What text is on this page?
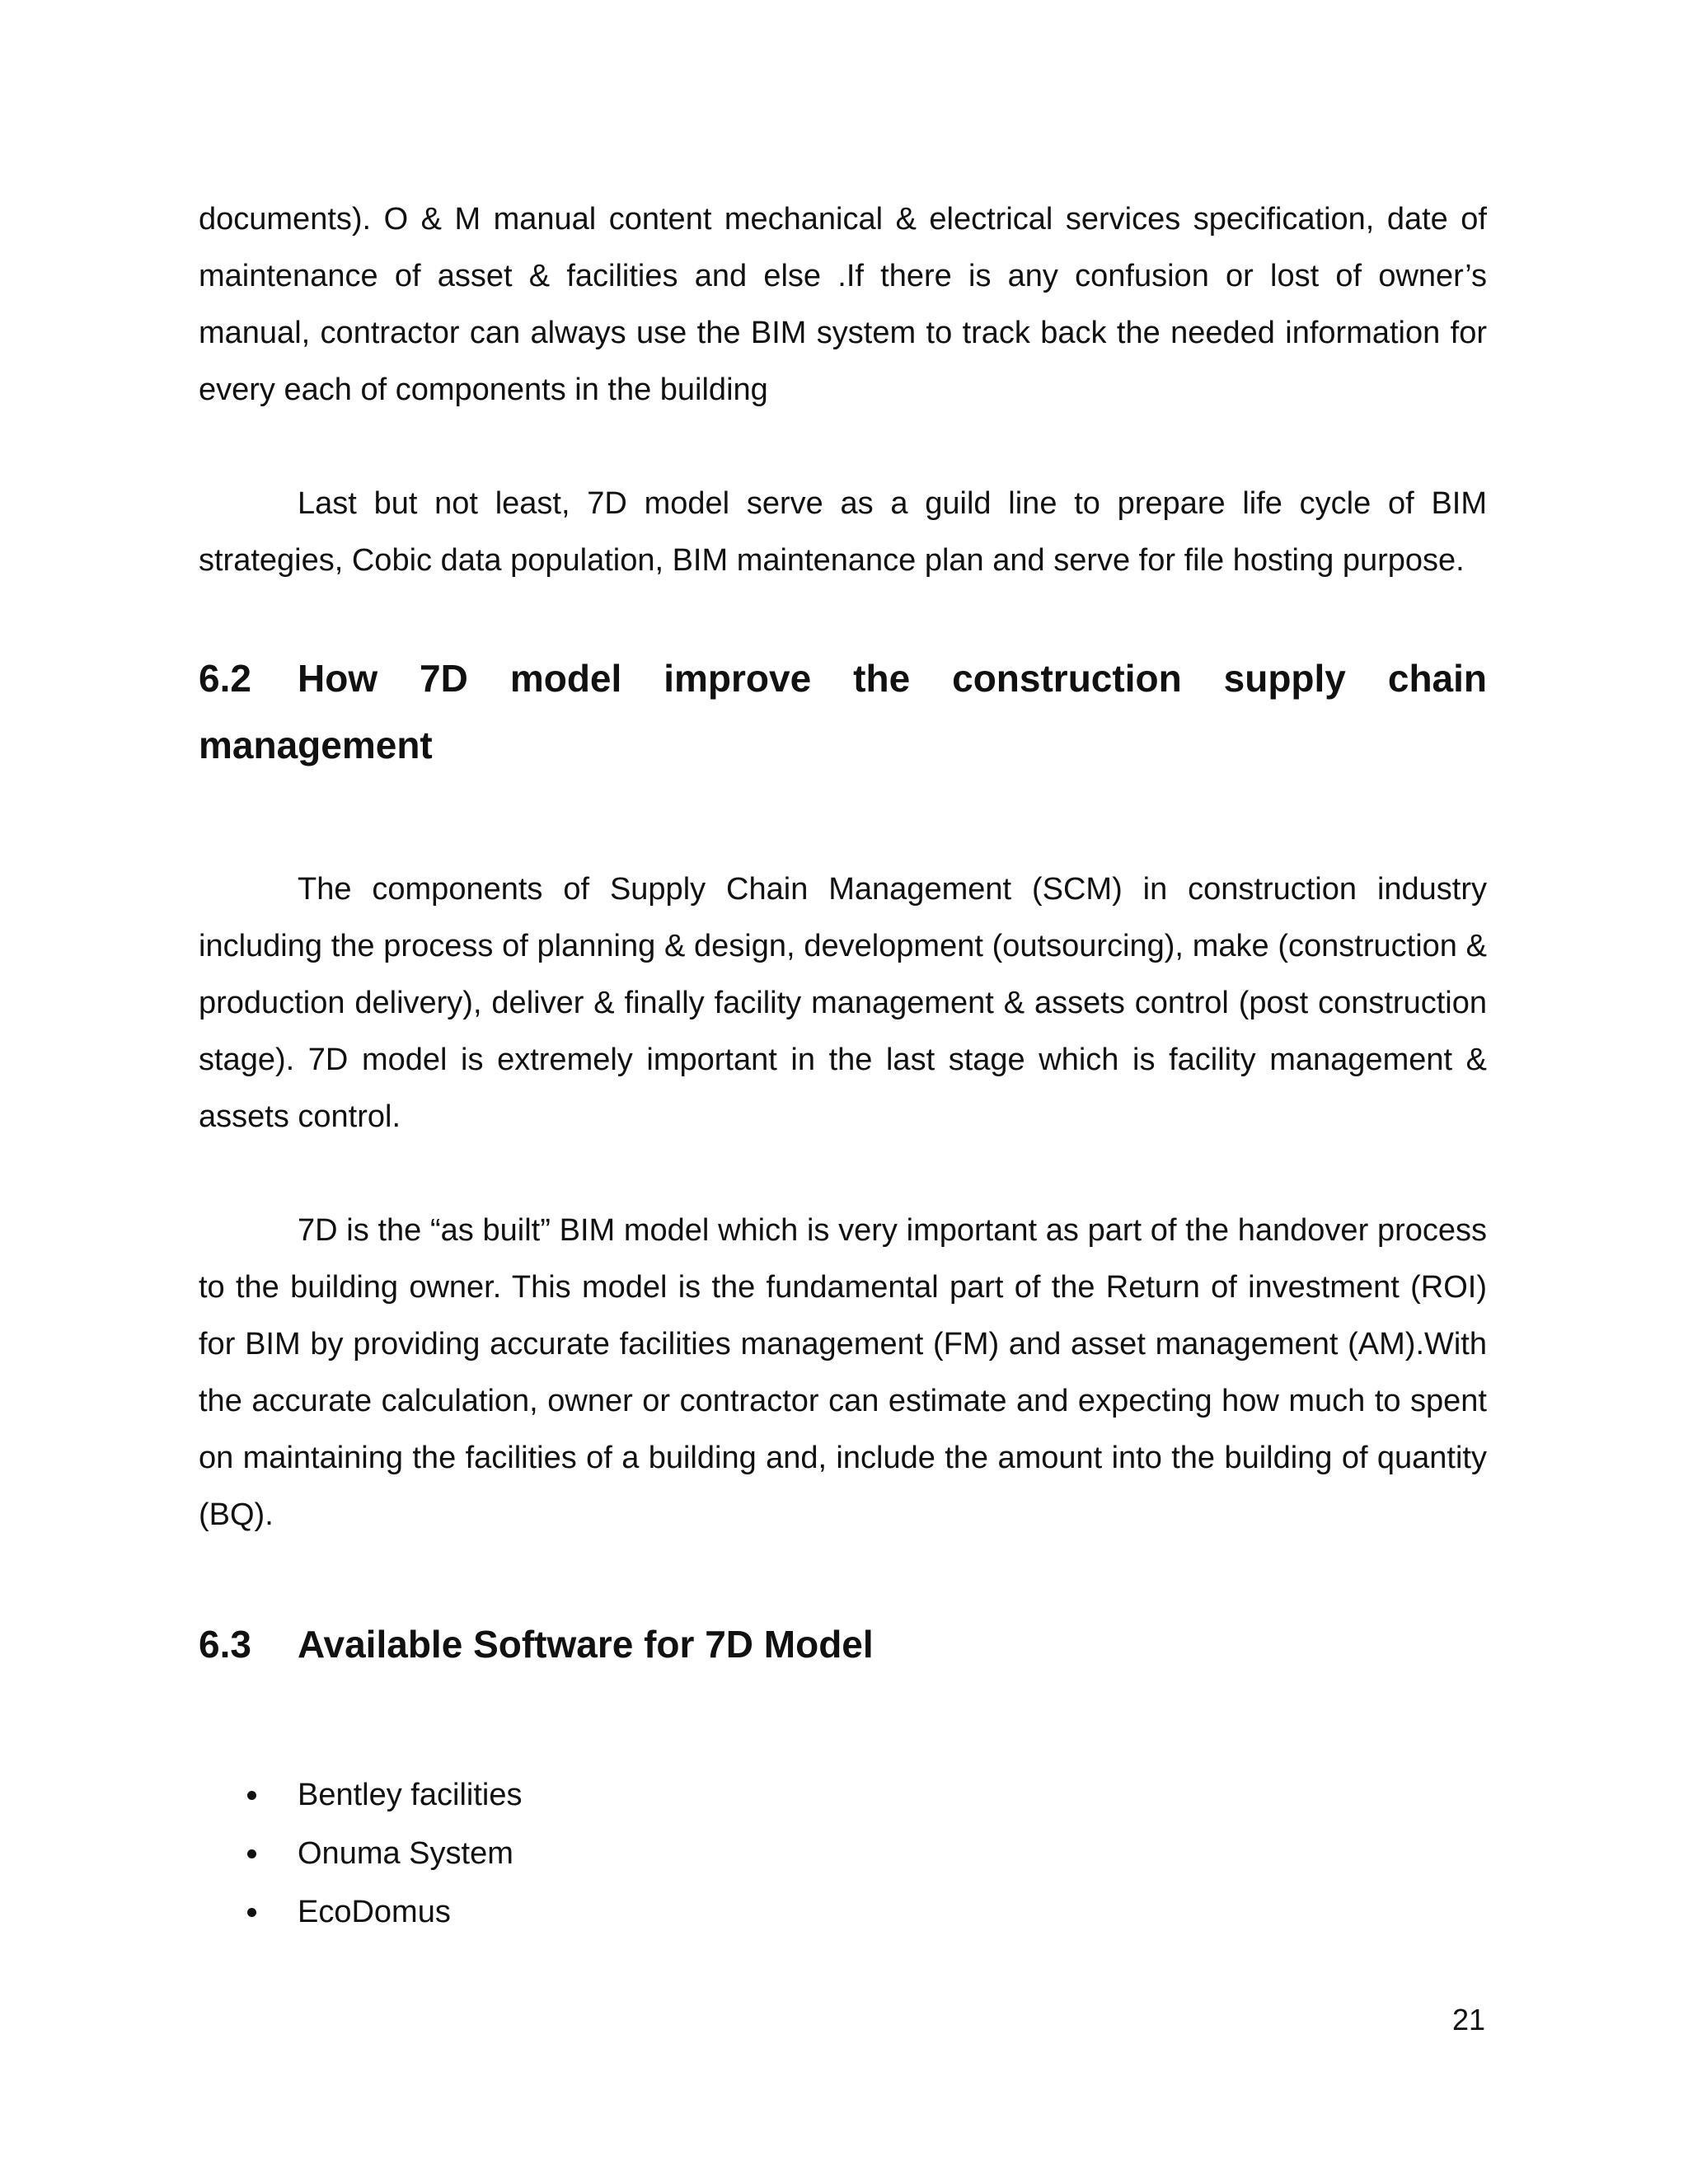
documents). O & M manual content mechanical & electrical services specification, date of maintenance of asset & facilities and else .If there is any confusion or lost of owner’s manual, contractor can always use the BIM system to track back the needed information for every each of components in the building

Last but not least, 7D model serve as a guild line to prepare life cycle of BIM strategies, Cobic data population, BIM maintenance plan and serve for file hosting purpose.

6.2 How 7D model improve the construction supply chain management

The components of Supply Chain Management (SCM) in construction industry including the process of planning & design, development (outsourcing), make (construction & production delivery), deliver & finally facility management & assets control (post construction stage). 7D model is extremely important in the last stage which is facility management & assets control.

7D is the “as built” BIM model which is very important as part of the handover process to the building owner. This model is the fundamental part of the Return of investment (ROI) for BIM by providing accurate facilities management (FM) and asset management (AM).With the accurate calculation, owner or contractor can estimate and expecting how much to spent on maintaining the facilities of a building and, include the amount into the building of quantity (BQ).

6.3 Available Software for 7D Model
Bentley facilities
Onuma System
EcoDomus
21
